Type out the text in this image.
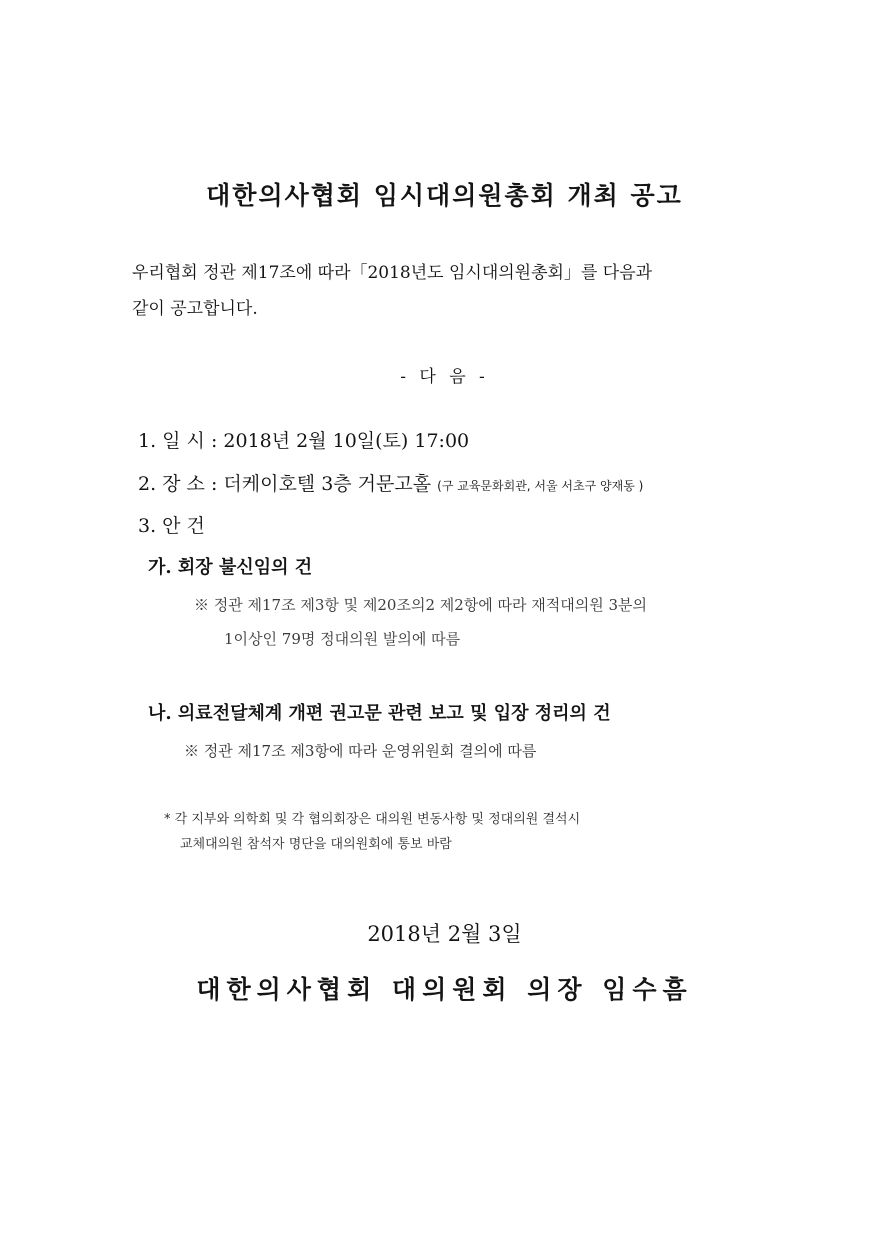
대한의사협회 임시대의원총회 개최 공고
우리협회 정관 제17조에 따라「2018년도 임시대의원총회」를 다음과
같이 공고합니다.
- 다 음 -
1. 일 시 : 2018년 2월 10일(토) 17:00
2. 장 소 : 더케이호텔 3층 거문고홀 (구 교육문화회관, 서울 서초구 양재동 )
3. 안 건
가. 회장 불신임의 건
※ 정관 제17조 제3항 및 제20조의2 제2항에 따라 재적대의원 3분의
1이상인 79명 정대의원 발의에 따름
나. 의료전달체계 개편 권고문 관련 보고 및 입장 정리의 건
※ 정관 제17조 제3항에 따라 운영위원회 결의에 따름
* 각 지부와 의학회 및 각 협의회장은 대의원 변동사항 및 정대의원 결석시
교체대의원 참석자 명단을 대의원회에 통보 바람
2018년 2월 3일
대한의사협회 대의원회 의장 임수흠
